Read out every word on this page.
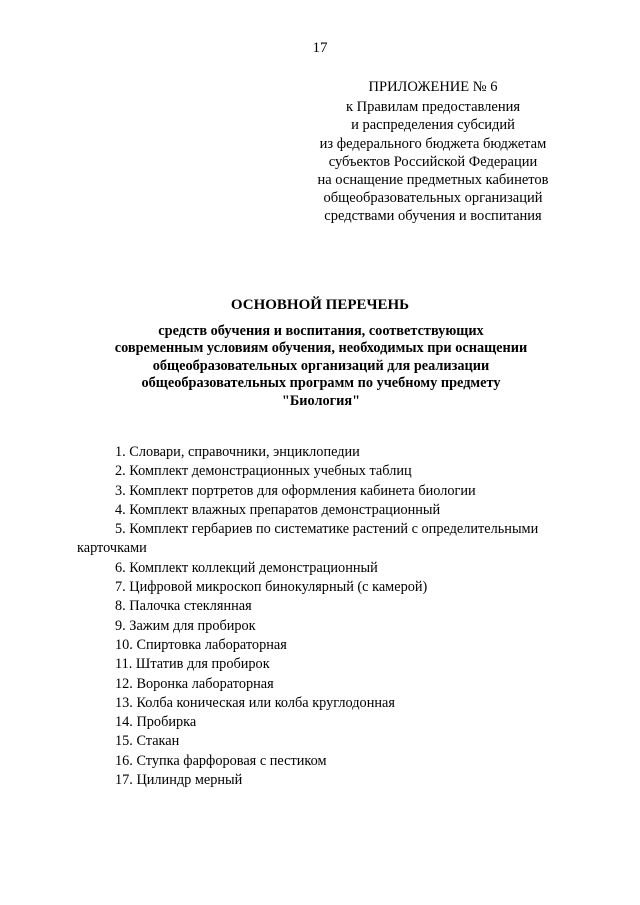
17
ПРИЛОЖЕНИЕ № 6
к Правилам предоставления
и распределения субсидий
из федерального бюджета бюджетам
субъектов Российской Федерации
на оснащение предметных кабинетов
общеобразовательных организаций
средствами обучения и воспитания
ОСНОВНОЙ ПЕРЕЧЕНЬ
средств обучения и воспитания, соответствующих
современным условиям обучения, необходимых при оснащении
общеобразовательных организаций для реализации
общеобразовательных программ по учебному предмету
"Биология"
1. Словари, справочники, энциклопедии
2. Комплект демонстрационных учебных таблиц
3. Комплект портретов для оформления кабинета биологии
4. Комплект влажных препаратов демонстрационный
5. Комплект гербариев по систематике растений с определительными карточками
6. Комплект коллекций демонстрационный
7. Цифровой микроскоп бинокулярный (с камерой)
8. Палочка стеклянная
9. Зажим для пробирок
10. Спиртовка лабораторная
11. Штатив для пробирок
12. Воронка лабораторная
13. Колба коническая или колба круглодонная
14. Пробирка
15. Стакан
16. Ступка фарфоровая с пестиком
17. Цилиндр мерный
